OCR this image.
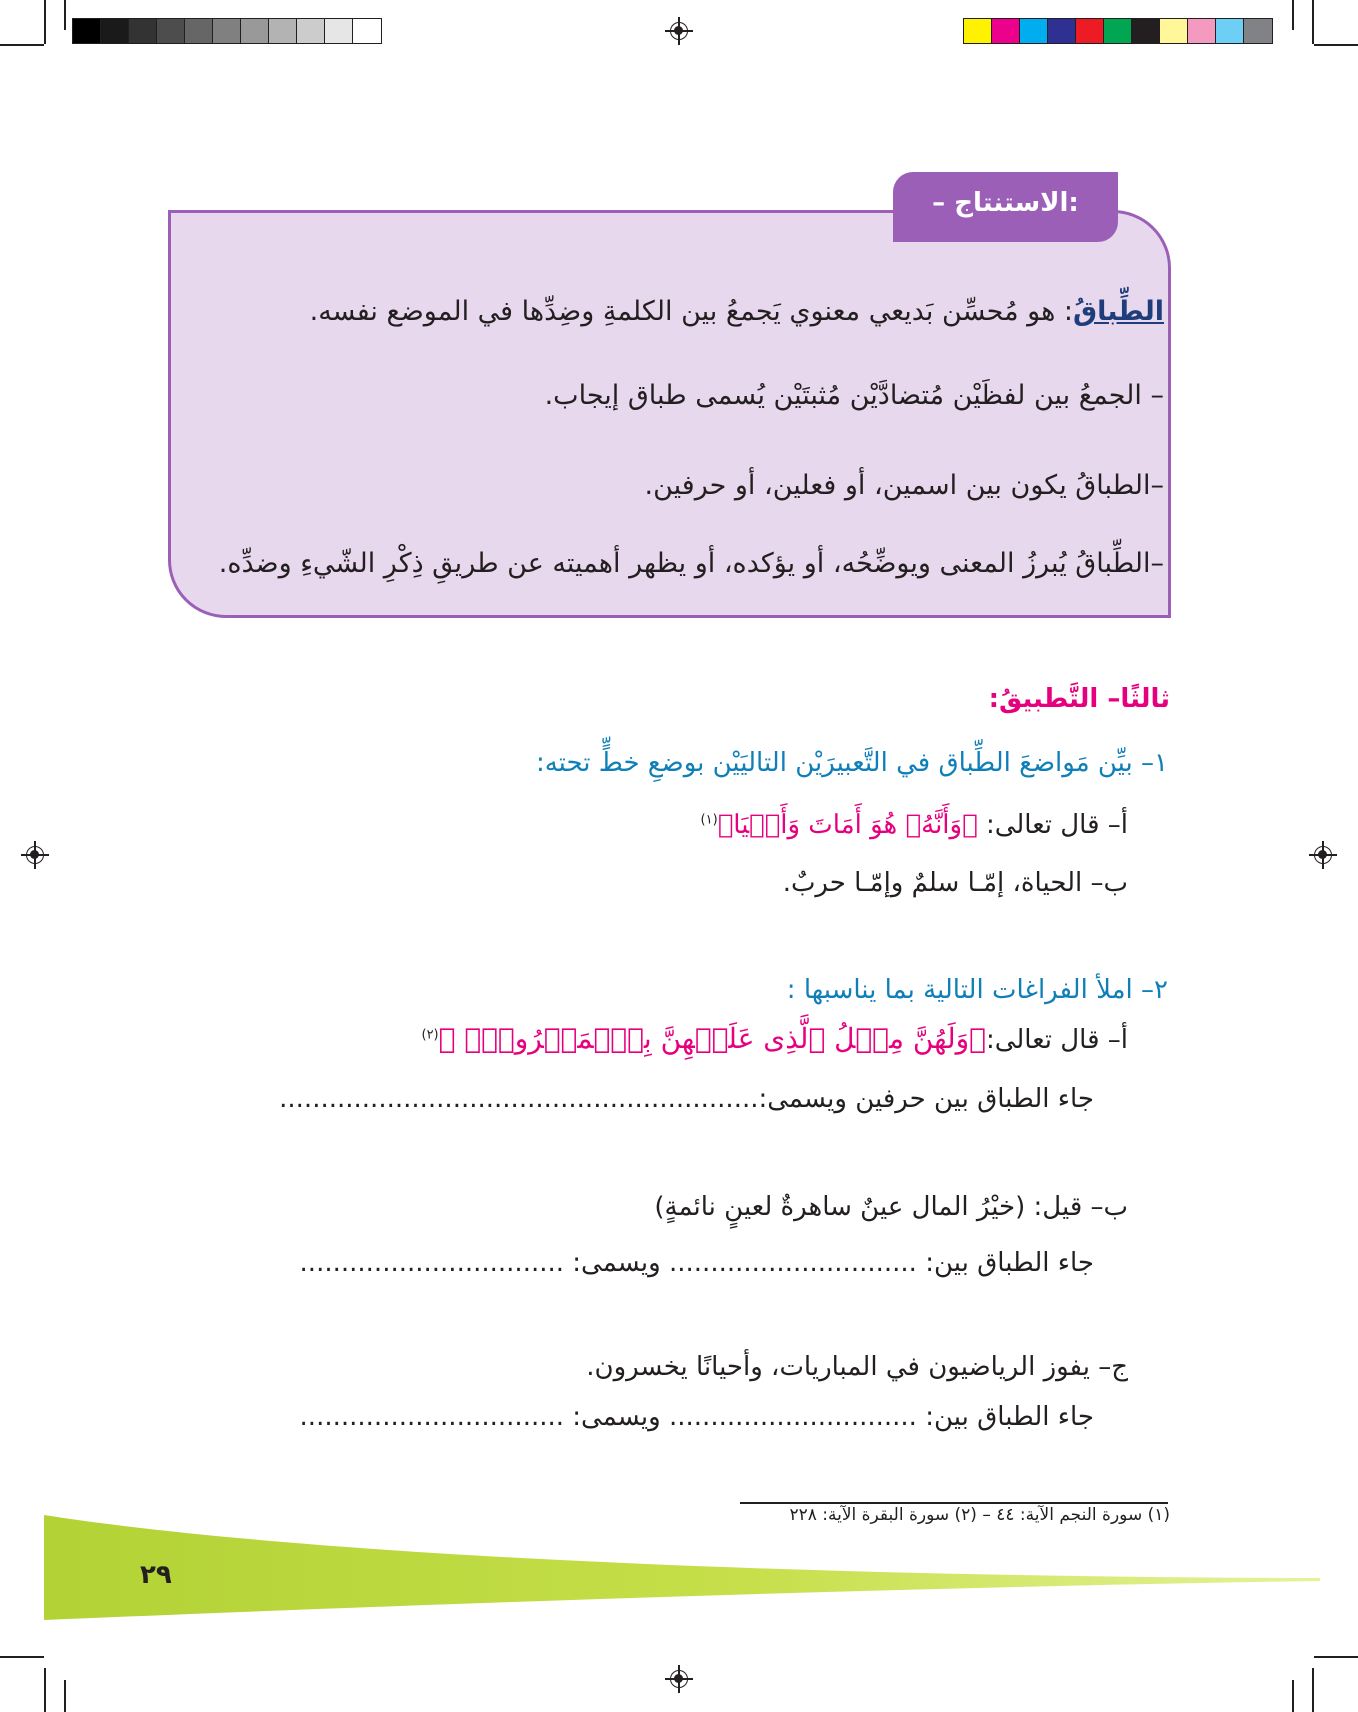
– الاستنتاج:
الطِّباقُ: هو مُحسِّن بَديعي معنوي يَجمعُ بين الكلمةِ وضِدِّها في الموضع نفسه.
– الجمعُ بين لفظَيْن مُتضادَّيْن مُثبتَيْن يُسمى طباق إيجاب.
–الطباقُ يكون بين اسمين، أو فعلين، أو حرفين.
–الطِّباقُ يُبرزُ المعنى ويوضِّحُه، أو يؤكده، أو يظهر أهميته عن طريقِ ذِكْرِ الشّيءِ وضدِّه.
ثالثًا– التَّطبيقُ:
١– بيِّن مَواضعَ الطِّباق في التَّعبيرَيْن التاليَيْن بوضعِ خطٍّ تحته:
أ– قال تعالى: ﴿وَأَنَّهُۥ هُوَ أَمَاتَ وَأَحۡيَا﴾$^{(١)}$
ب– الحياة، إمّـا سلمٌ وإمّـا حربٌ.
٢– املأ الفراغات التالية بما يناسبها :
أ– قال تعالى:﴿وَلَهُنَّ مِثۡلُ ٱلَّذِى عَلَيۡهِنَّ بِٱلۡمَعۡرُوفِۚ ﴾$^{(٢)}$
جاء الطباق بين حرفين ويسمى:..........................................................
ب– قيل: (خيْرُ المال عينٌ ساهرةٌ لعينٍ نائمةٍ)
جاء الطباق بين: .............................. ويسمى: ................................
ج– يفوز الرياضيون في المباريات، وأحيانًا يخسرون.
جاء الطباق بين: .............................. ويسمى: ................................
(١) سورة النجم الآية: ٤٤ – (٢) سورة البقرة الآية: ٢٢٨
٢٩
